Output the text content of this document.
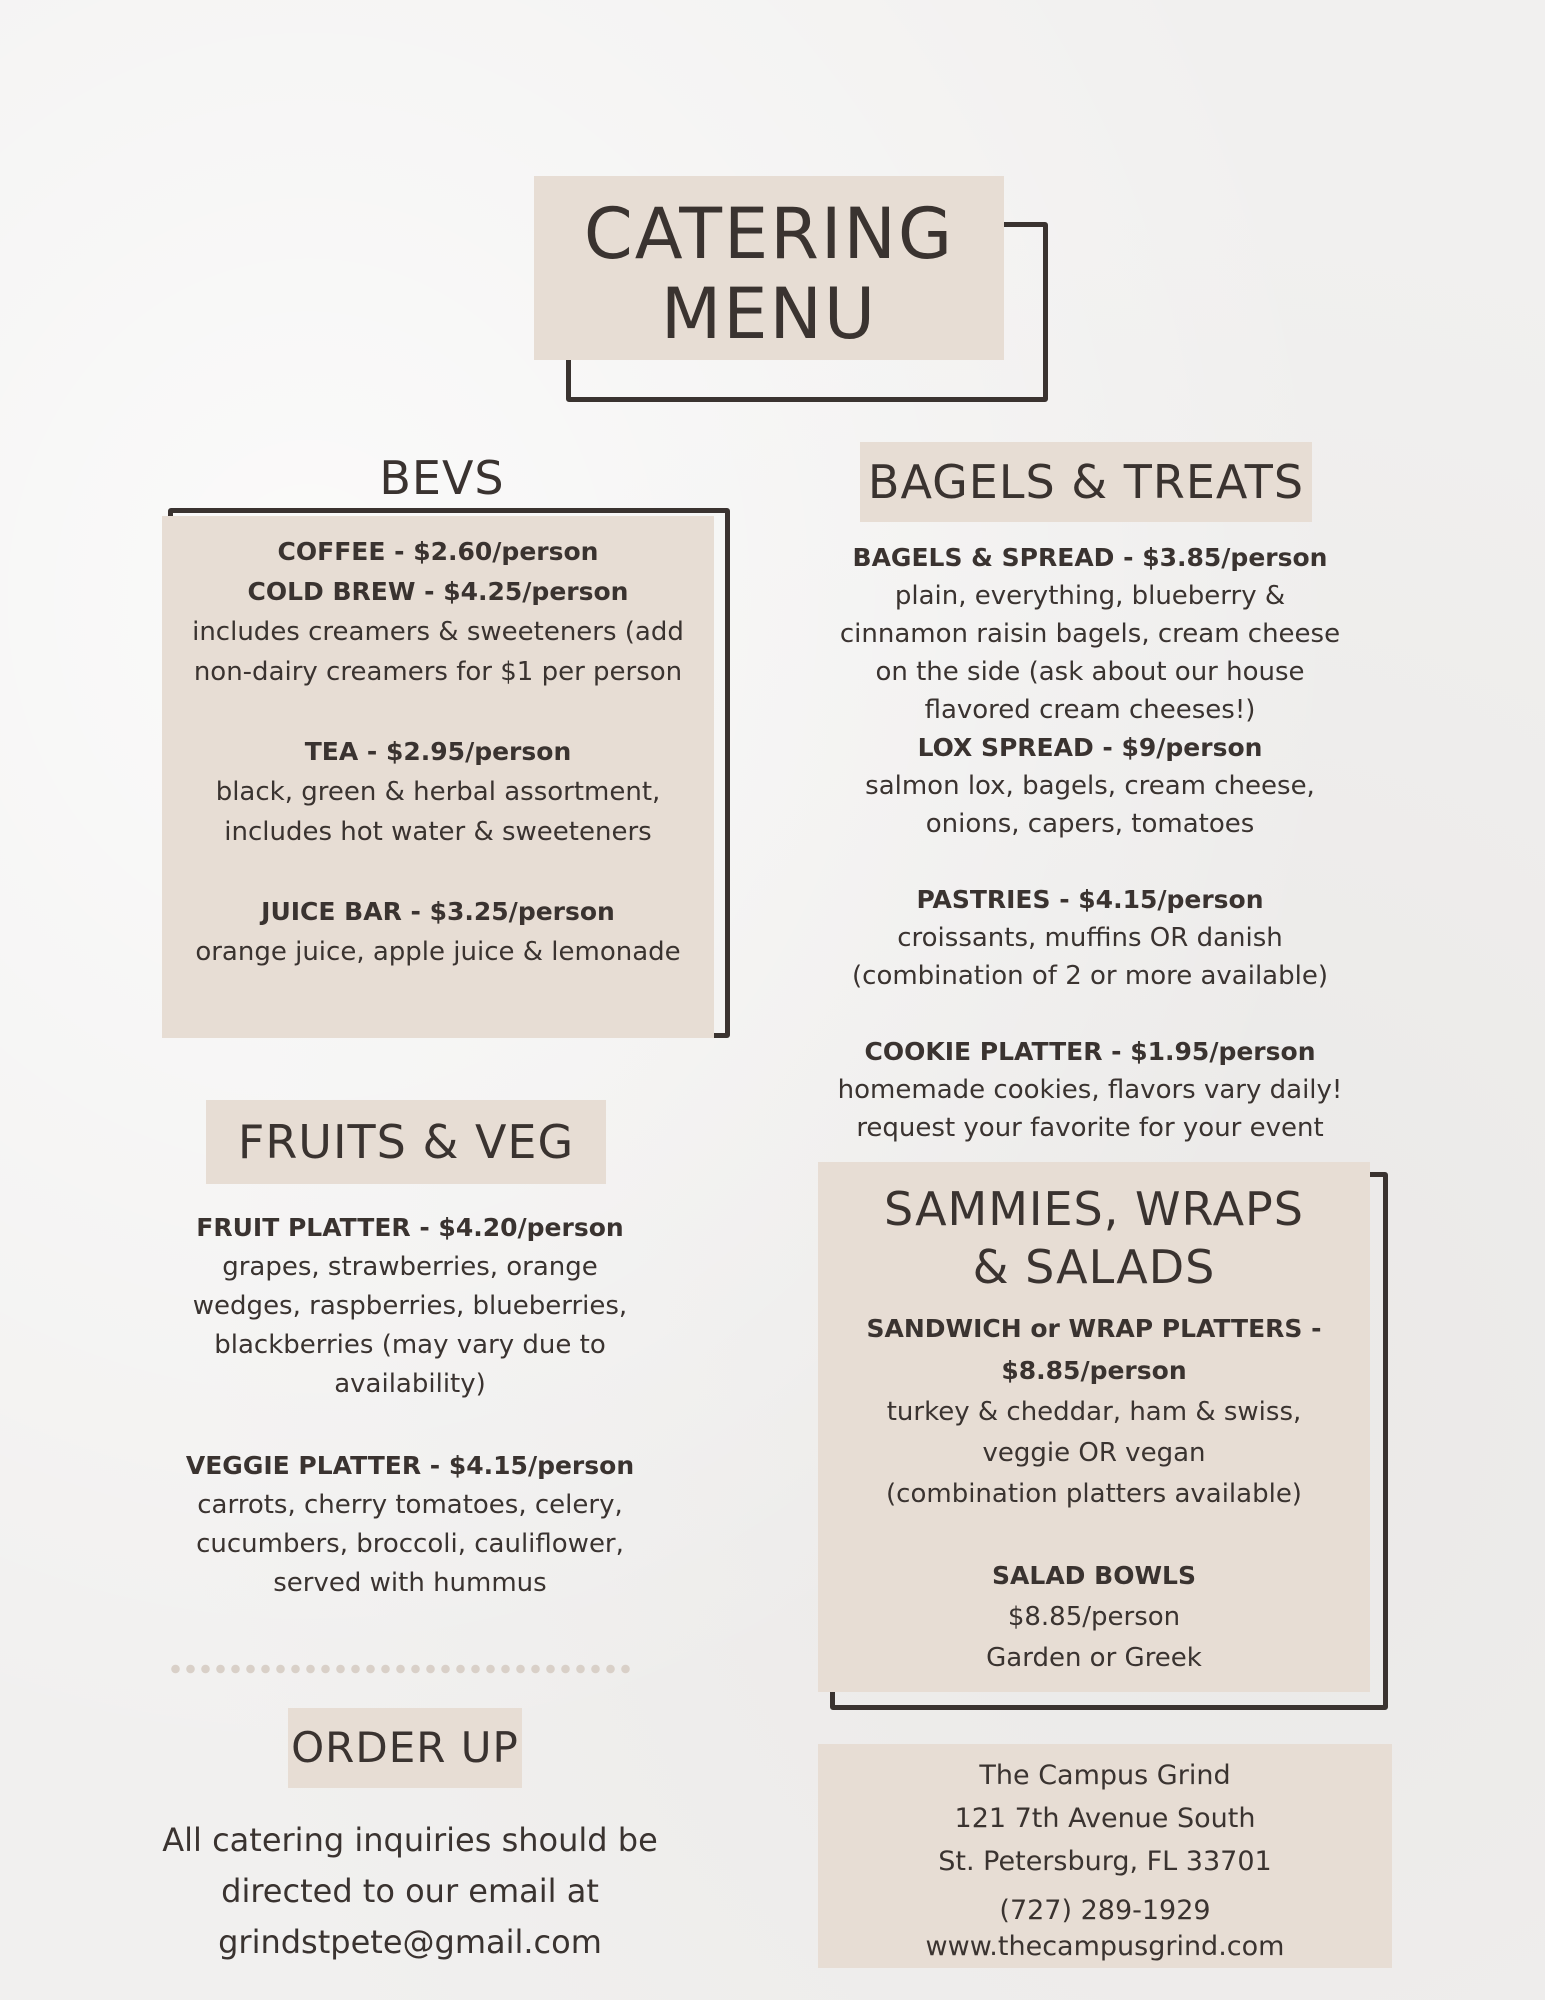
CATERING
MENU
BEVS
COFFEE - $2.60/person
COLD BREW - $4.25/person
includes creamers & sweeteners (add
non-dairy creamers for $1 per person
TEA - $2.95/person
black, green & herbal assortment,
includes hot water & sweeteners
JUICE BAR - $3.25/person
orange juice, apple juice & lemonade
BAGELS & TREATS
BAGELS & SPREAD - $3.85/person
plain, everything, blueberry &
cinnamon raisin bagels, cream cheese
on the side (ask about our house
flavored cream cheeses!)
LOX SPREAD - $9/person
salmon lox, bagels, cream cheese,
onions, capers, tomatoes
PASTRIES - $4.15/person
croissants, muffins OR danish
(combination of 2 or more available)
COOKIE PLATTER - $1.95/person
homemade cookies, flavors vary daily!
request your favorite for your event
FRUITS & VEG
FRUIT PLATTER - $4.20/person
grapes, strawberries, orange
wedges, raspberries, blueberries,
blackberries (may vary due to
availability)
VEGGIE PLATTER - $4.15/person
carrots, cherry tomatoes, celery,
cucumbers, broccoli, cauliflower,
served with hummus
SAMMIES, WRAPS
& SALADS
SANDWICH or WRAP PLATTERS -
$8.85/person
turkey & cheddar, ham & swiss,
veggie OR vegan
(combination platters available)
SALAD BOWLS
$8.85/person
Garden or Greek
ORDER UP
All catering inquiries should be
directed to our email at
grindstpete@gmail.com
The Campus Grind
121 7th Avenue South
St. Petersburg, FL 33701
(727) 289-1929
www.thecampusgrind.com
